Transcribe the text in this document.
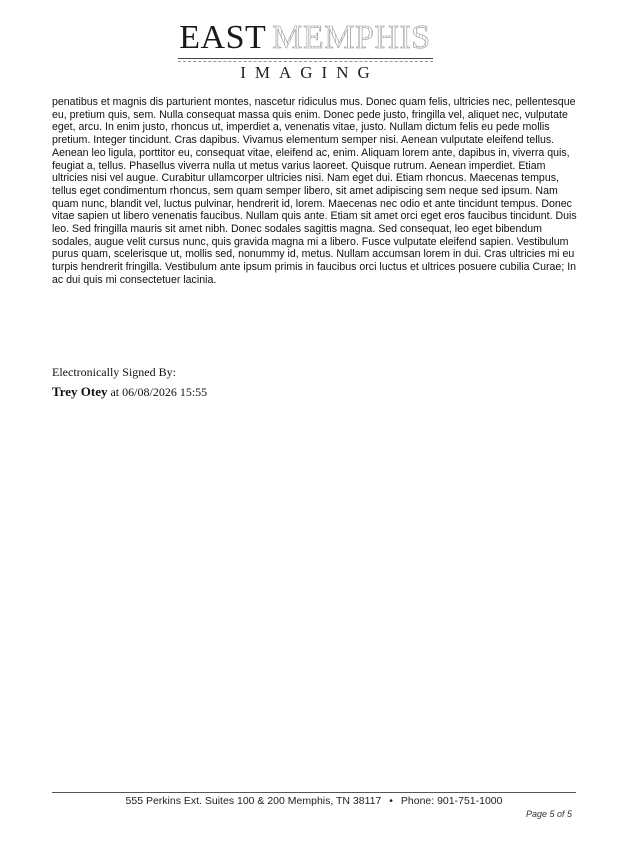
EAST MEMPHIS
IMAGING

penatibus et magnis dis parturient montes, nascetur ridiculus mus. Donec quam felis, ultricies nec, pellentesque eu, pretium quis, sem. Nulla consequat massa quis enim. Donec pede justo, fringilla vel, aliquet nec, vulputate eget, arcu. In enim justo, rhoncus ut, imperdiet a, venenatis vitae, justo. Nullam dictum felis eu pede mollis pretium. Integer tincidunt. Cras dapibus. Vivamus elementum semper nisi. Aenean vulputate eleifend tellus. Aenean leo ligula, porttitor eu, consequat vitae, eleifend ac, enim. Aliquam lorem ante, dapibus in, viverra quis, feugiat a, tellus. Phasellus viverra nulla ut metus varius laoreet. Quisque rutrum. Aenean imperdiet. Etiam ultricies nisi vel augue. Curabitur ullamcorper ultricies nisi. Nam eget dui. Etiam rhoncus. Maecenas tempus, tellus eget condimentum rhoncus, sem quam semper libero, sit amet adipiscing sem neque sed ipsum. Nam quam nunc, blandit vel, luctus pulvinar, hendrerit id, lorem. Maecenas nec odio et ante tincidunt tempus. Donec vitae sapien ut libero venenatis faucibus. Nullam quis ante. Etiam sit amet orci eget eros faucibus tincidunt. Duis leo. Sed fringilla mauris sit amet nibh. Donec sodales sagittis magna. Sed consequat, leo eget bibendum sodales, augue velit cursus nunc, quis gravida magna mi a libero. Fusce vulputate eleifend sapien. Vestibulum purus quam, scelerisque ut, mollis sed, nonummy id, metus. Nullam accumsan lorem in dui. Cras ultricies mi eu turpis hendrerit fringilla. Vestibulum ante ipsum primis in faucibus orci luctus et ultrices posuere cubilia Curae; In ac dui quis mi consectetuer lacinia.

Electronically Signed By:
Trey Otey at 06/08/2026 15:55
555 Perkins Ext. Suites 100 & 200 Memphis, TN 38117 • Phone: 901-751-1000
Page 5 of 5
